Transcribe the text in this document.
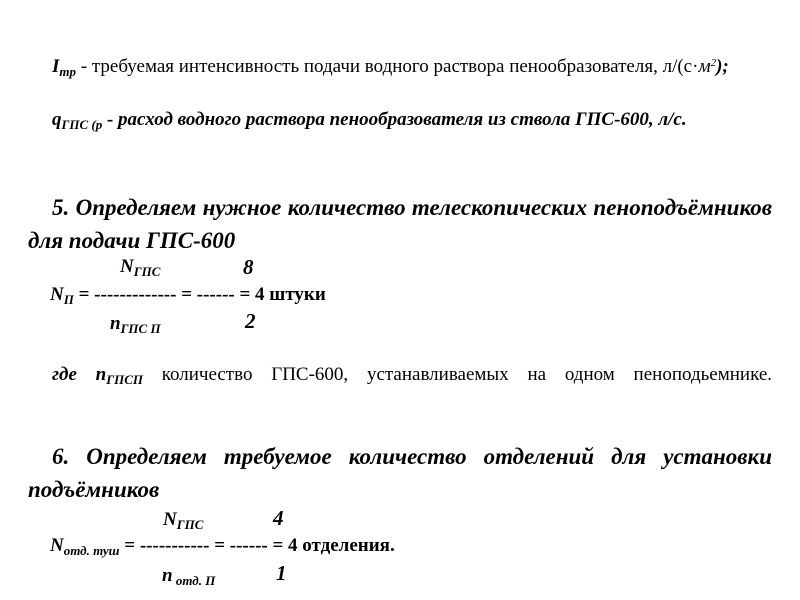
$I_{тр}$ - требуемая интенсивность подачи водного раствора пенообразователя, $л/(с\cdot м^2)$;
$q_{ГПС (р}$ - расход водного раствора пенообразователя из ствола ГПС-600, л/с.
5. Определяем нужное количество телескопических пеноподъёмников для подачи ГПС-600
$N_{ГПС}$	8
$N_П$ = ------------- = ------ = 4 штуки
$n_{ГПС П}$	2
где $n_{ГПСП}$ количество ГПС-600, устанавливаемых на одном пеноподьемнике.
6. Определяем требуемое количество отделений для установки подъёмников
$N_{ГПС}$	4
$N_{отд. туш}$ = ----------- = ------ = 4 отделения.
n $_{отд. П}$	1
